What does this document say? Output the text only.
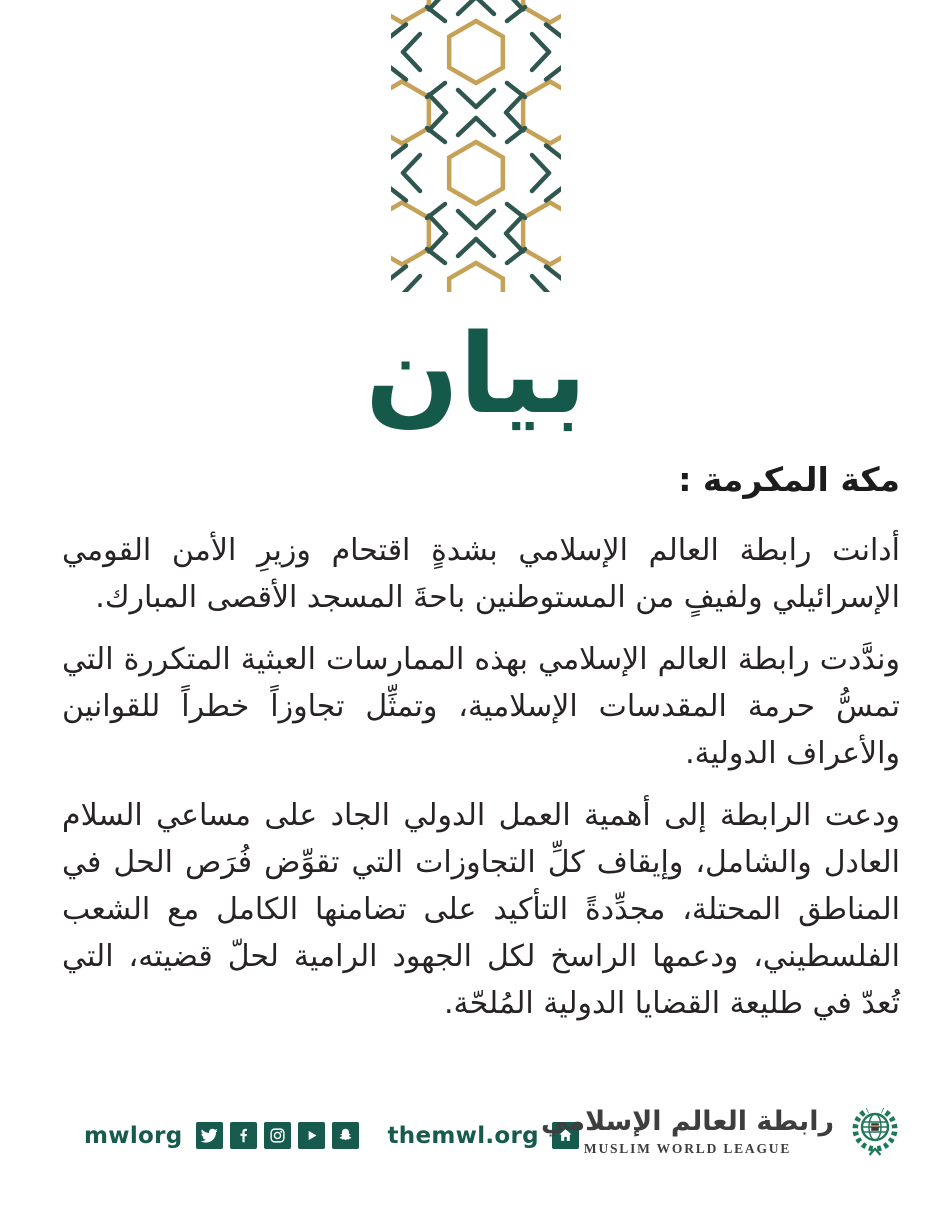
بيان
مكة المكرمة :

أدانت رابطة العالم الإسلامي بشدةٍ اقتحام وزيرِ الأمن القومي الإسرائيلي ولفيفٍ من المستوطنين باحةَ المسجد الأقصى المبارك.

وندَّدت رابطة العالم الإسلامي بهذه الممارسات العبثية المتكررة التي تمسُّ حرمة المقدسات الإسلامية، وتمثِّل تجاوزاً خطراً للقوانين والأعراف الدولية.

ودعت الرابطة إلى أهمية العمل الدولي الجاد على مساعي السلام العادل والشامل، وإيقاف كلِّ التجاوزات التي تقوِّض فُرَص الحل في المناطق المحتلة، مجدِّدةً التأكيد على تضامنها الكامل مع الشعب الفلسطيني، ودعمها الراسخ لكل الجهود الرامية لحلّ قضيته، التي تُعدّ في طليعة القضايا الدولية المُلحّة.

mwlorg	themwl.org رابطة العالم الإسلامي
MUSLIM WORLD LEAGUE
